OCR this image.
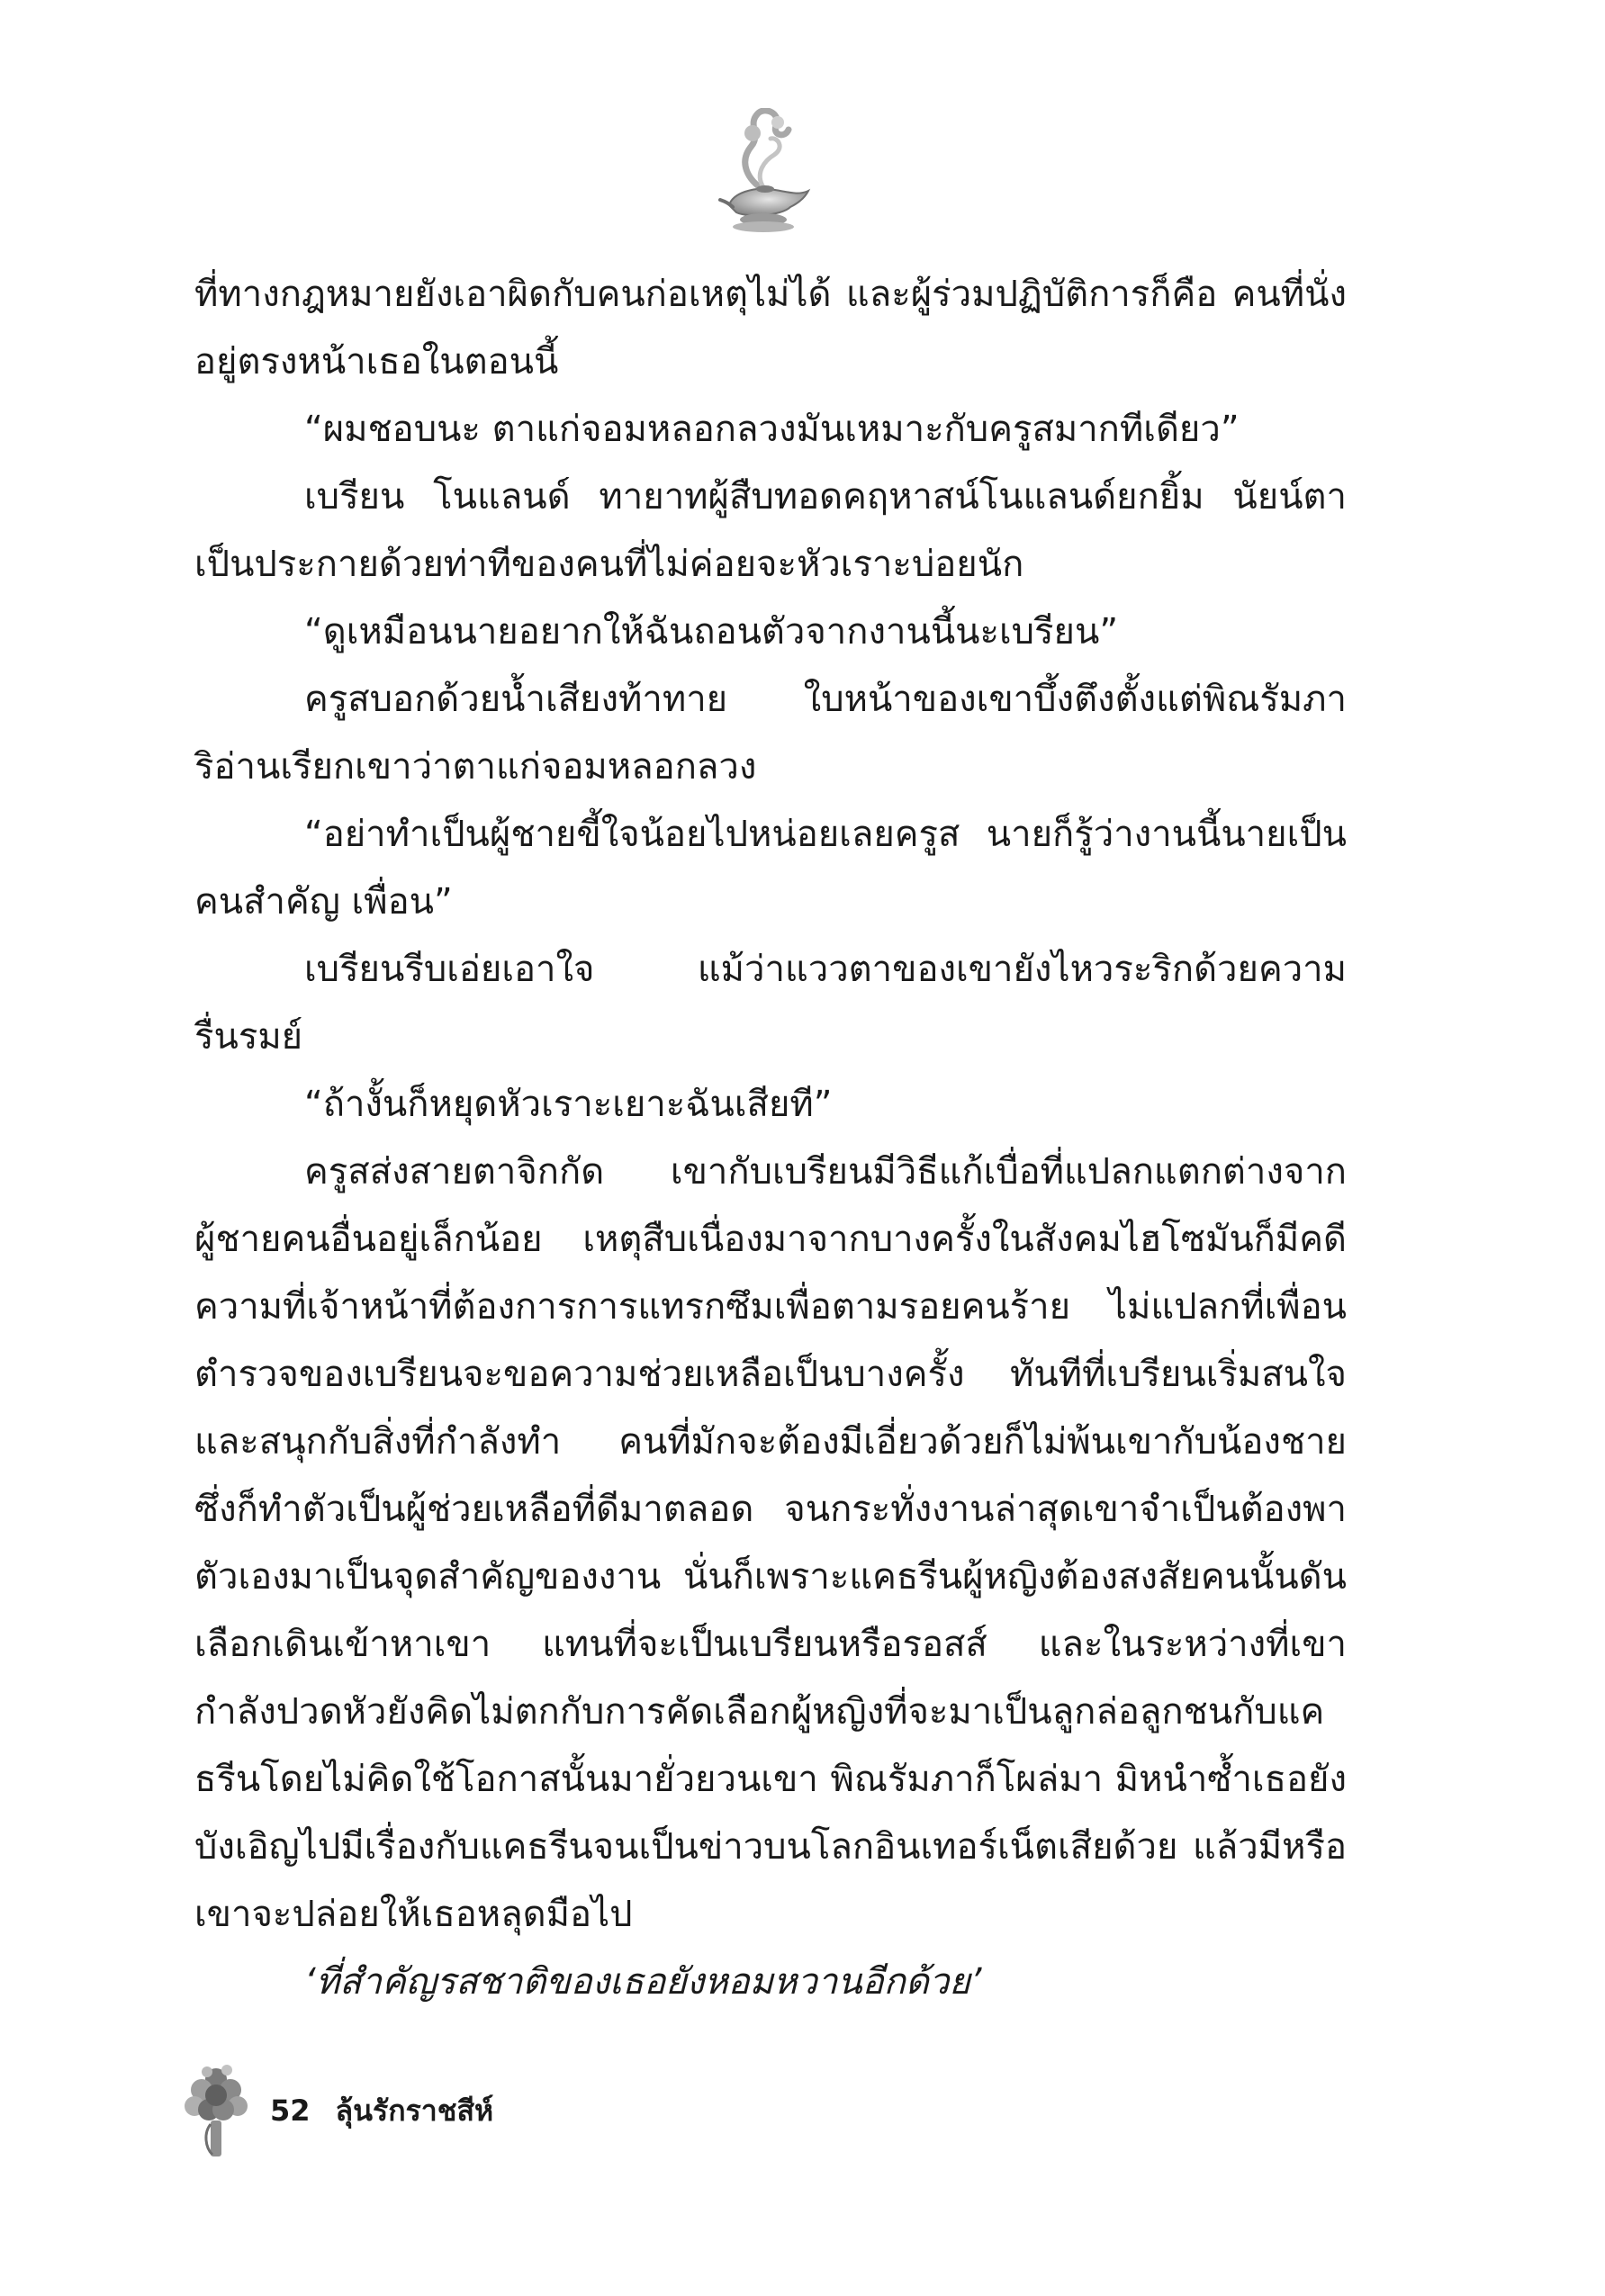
ที่ทางกฎหมายยังเอาผิดกับคนก่อเหตุไม่ได้ และผู้ร่วมปฏิบัติการก็คือ คนที่นั่งอยู่ตรงหน้าเธอในตอนนี้

“ผมชอบนะ ตาแก่จอมหลอกลวงมันเหมาะกับครูสมากทีเดียว”

เบรียน โนแลนด์ ทายาทผู้สืบทอดคฤหาสน์โนแลนด์ยกยิ้ม นัยน์ตาเป็นประกายด้วยท่าทีของคนที่ไม่ค่อยจะหัวเราะบ่อยนัก

“ดูเหมือนนายอยากให้ฉันถอนตัวจากงานนี้นะเบรียน”

ครูสบอกด้วยน้ำเสียงท้าทาย ใบหน้าของเขาบึ้งตึงตั้งแต่พิณรัมภาริอ่านเรียกเขาว่าตาแก่จอมหลอกลวง

“อย่าทำเป็นผู้ชายขี้ใจน้อยไปหน่อยเลยครูส นายก็รู้ว่างานนี้นายเป็นคนสำคัญ เพื่อน”

เบรียนรีบเอ่ยเอาใจ แม้ว่าแววตาของเขายังไหวระริกด้วยความรื่นรมย์

“ถ้างั้นก็หยุดหัวเราะเยาะฉันเสียที”

ครูสส่งสายตาจิกกัด เขากับเบรียนมีวิธีแก้เบื่อที่แปลกแตกต่างจากผู้ชายคนอื่นอยู่เล็กน้อย เหตุสืบเนื่องมาจากบางครั้งในสังคมไฮโซมันก็มีคดีความที่เจ้าหน้าที่ต้องการการแทรกซึมเพื่อตามรอยคนร้าย ไม่แปลกที่เพื่อนตำรวจของเบรียนจะขอความช่วยเหลือเป็นบางครั้ง ทันทีที่เบรียนเริ่มสนใจและสนุกกับสิ่งที่กำลังทำ คนที่มักจะต้องมีเอี่ยวด้วยก็ไม่พ้นเขากับน้องชาย ซึ่งก็ทำตัวเป็นผู้ช่วยเหลือที่ดีมาตลอด จนกระทั่งงานล่าสุดเขาจำเป็นต้องพาตัวเองมาเป็นจุดสำคัญของงาน นั่นก็เพราะแคธรีนผู้หญิงต้องสงสัยคนนั้นดันเลือกเดินเข้าหาเขา แทนที่จะเป็นเบรียนหรือรอสส์ และในระหว่างที่เขากำลังปวดหัวยังคิดไม่ตกกับการคัดเลือกผู้หญิงที่จะมาเป็นลูกล่อลูกชนกับแคธรีนโดยไม่คิดใช้โอกาสนั้นมายั่วยวนเขา พิณรัมภาก็โผล่มา มิหนำซ้ำเธอยังบังเอิญไปมีเรื่องกับแคธรีนจนเป็นข่าวบนโลกอินเทอร์เน็ตเสียด้วย แล้วมีหรือเขาจะปล่อยให้เธอหลุดมือไป

‘ที่สำคัญรสชาติของเธอยังหอมหวานอีกด้วย’

52 ลุ้นรักราชสีห์
